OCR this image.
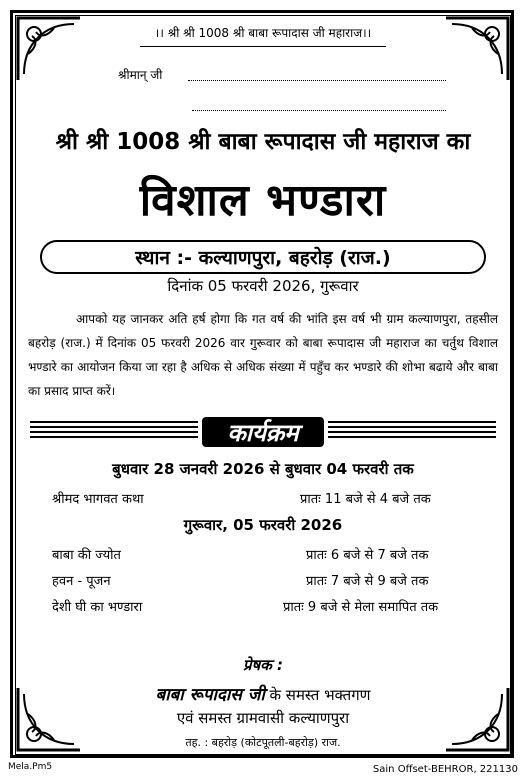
।। श्री श्री 1008 श्री बाबा रूपादास जी महाराज।।
श्रीमान् जी
श्री श्री 1008 श्री बाबा रूपादास जी महाराज का
विशाल भण्डारा
स्थान :- कल्याणपुरा, बहरोड़ (राज.)
दिनांक 05 फरवरी 2026, गुरूवार
आपको यह जानकर अति हर्ष होगा कि गत वर्ष की भांति इस वर्ष भी ग्राम कल्याणपुरा, तहसील बहरोड़ (राज.) में दिनांक 05 फरवरी 2026 वार गुरूवार को बाबा रूपादास जी महाराज का चर्तुथ विशाल भण्डारे का आयोजन किया जा रहा है अधिक से अधिक संख्या में पहुँच कर भण्डारे की शोभा बढाये और बाबा का प्रसाद प्राप्त करें।
कार्यक्रम
बुधवार 28 जनवरी 2026 से बुधवार 04 फरवरी तक
श्रीमद भागवत कथा	प्रातः 11 बजे से 4 बजे तक
गुरूवार, 05 फरवरी 2026
बाबा की ज्योत	प्रातः 6 बजे से 7 बजे तक
हवन - पूजन	प्रातः 7 बजे से 9 बजे तक
देशी घी का भण्डारा	प्रातः 9 बजे से मेला समापित तक
प्रेषक :
बाबा रूपादास जी के समस्त भक्तगण
एवं समस्त ग्रामवासी कल्याणपुरा
तह. : बहरोड़ (कोटपूतली-बहरोड़) राज.
Mela.Pm5	Sain Offset-BEHROR, 221130
